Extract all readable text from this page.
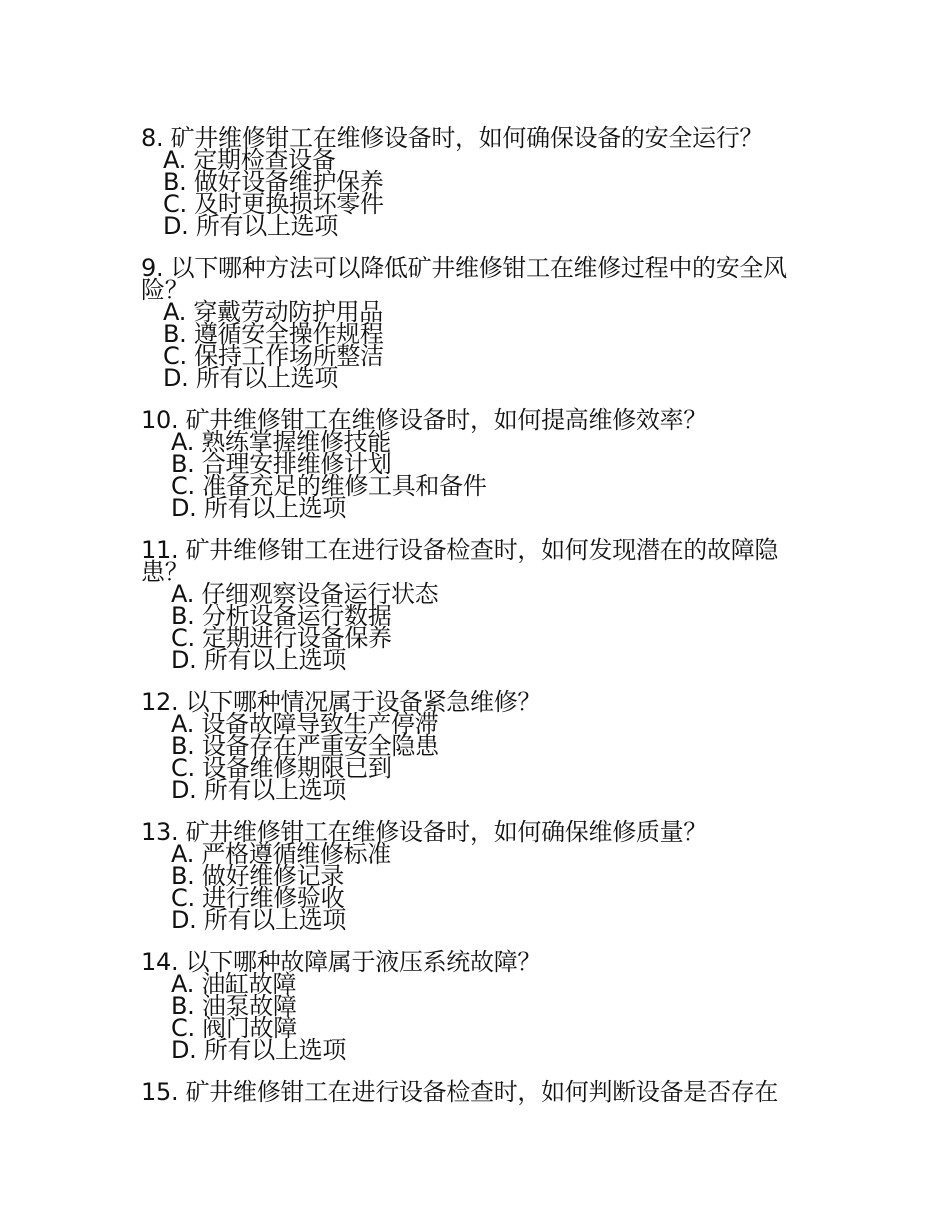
8. 矿井维修钳工在维修设备时，如何确保设备的安全运行？
A. 定期检查设备
B. 做好设备维护保养
C. 及时更换损坏零件
D. 所有以上选项
9. 以下哪种方法可以降低矿井维修钳工在维修过程中的安全风险？
A. 穿戴劳动防护用品
B. 遵循安全操作规程
C. 保持工作场所整洁
D. 所有以上选项
10. 矿井维修钳工在维修设备时，如何提高维修效率？
A. 熟练掌握维修技能
B. 合理安排维修计划
C. 准备充足的维修工具和备件
D. 所有以上选项
11. 矿井维修钳工在进行设备检查时，如何发现潜在的故障隐患？
A. 仔细观察设备运行状态
B. 分析设备运行数据
C. 定期进行设备保养
D. 所有以上选项
12. 以下哪种情况属于设备紧急维修？
A. 设备故障导致生产停滞
B. 设备存在严重安全隐患
C. 设备维修期限已到
D. 所有以上选项
13. 矿井维修钳工在维修设备时，如何确保维修质量？
A. 严格遵循维修标准
B. 做好维修记录
C. 进行维修验收
D. 所有以上选项
14. 以下哪种故障属于液压系统故障？
A. 油缸故障
B. 油泵故障
C. 阀门故障
D. 所有以上选项
15. 矿井维修钳工在进行设备检查时，如何判断设备是否存在
